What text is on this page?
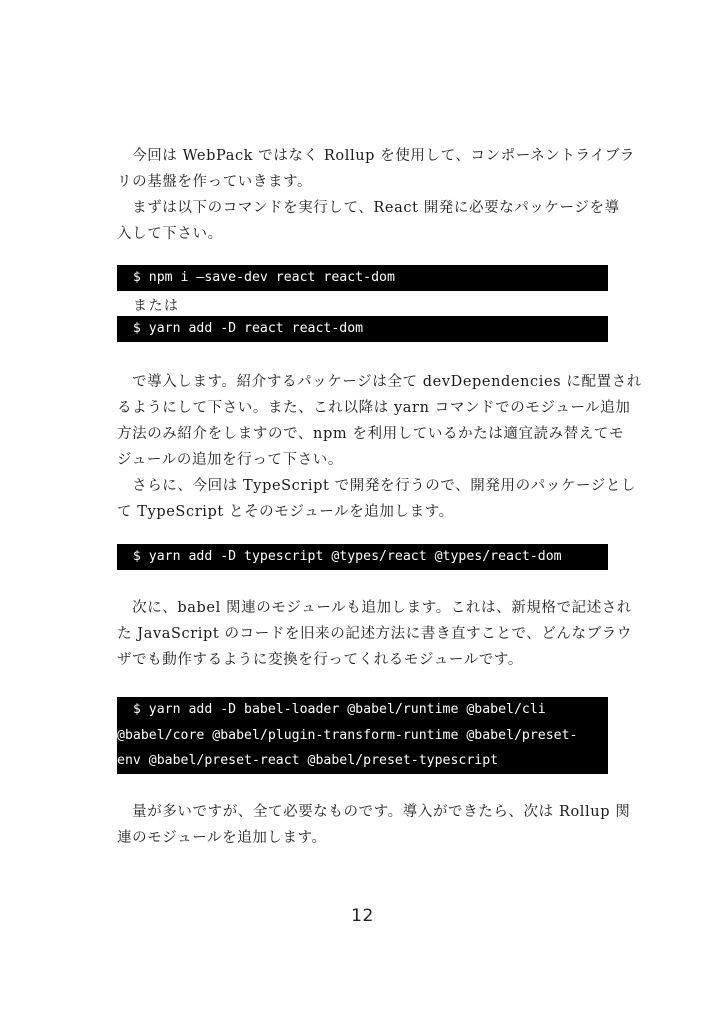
　今回は WebPack ではなく Rollup を使用して、コンポーネントライブラ
リの基盤を作っていきます。
　まずは以下のコマンドを実行して、React 開発に必要なパッケージを導
入して下さい。
$ npm i —save-dev react react-dom
または
$ yarn add -D react react-dom
　で導入します。紹介するパッケージは全て devDependencies に配置され
るようにして下さい。また、これ以降は yarn コマンドでのモジュール追加
方法のみ紹介をしますので、npm を利用しているかたは適宜読み替えてモ
ジュールの追加を行って下さい。
　さらに、今回は TypeScript で開発を行うので、開発用のパッケージとし
て TypeScript とそのモジュールを追加します。
$ yarn add -D typescript @types/react @types/react-dom
　次に、babel 関連のモジュールも追加します。これは、新規格で記述され
た JavaScript のコードを旧来の記述方法に書き直すことで、どんなブラウ
ザでも動作するように変換を行ってくれるモジュールです。
$ yarn add -D babel-loader @babel/runtime @babel/cli
@babel/core @babel/plugin-transform-runtime @babel/preset-
env @babel/preset-react @babel/preset-typescript
　量が多いですが、全て必要なものです。導入ができたら、次は Rollup 関
連のモジュールを追加します。
12
